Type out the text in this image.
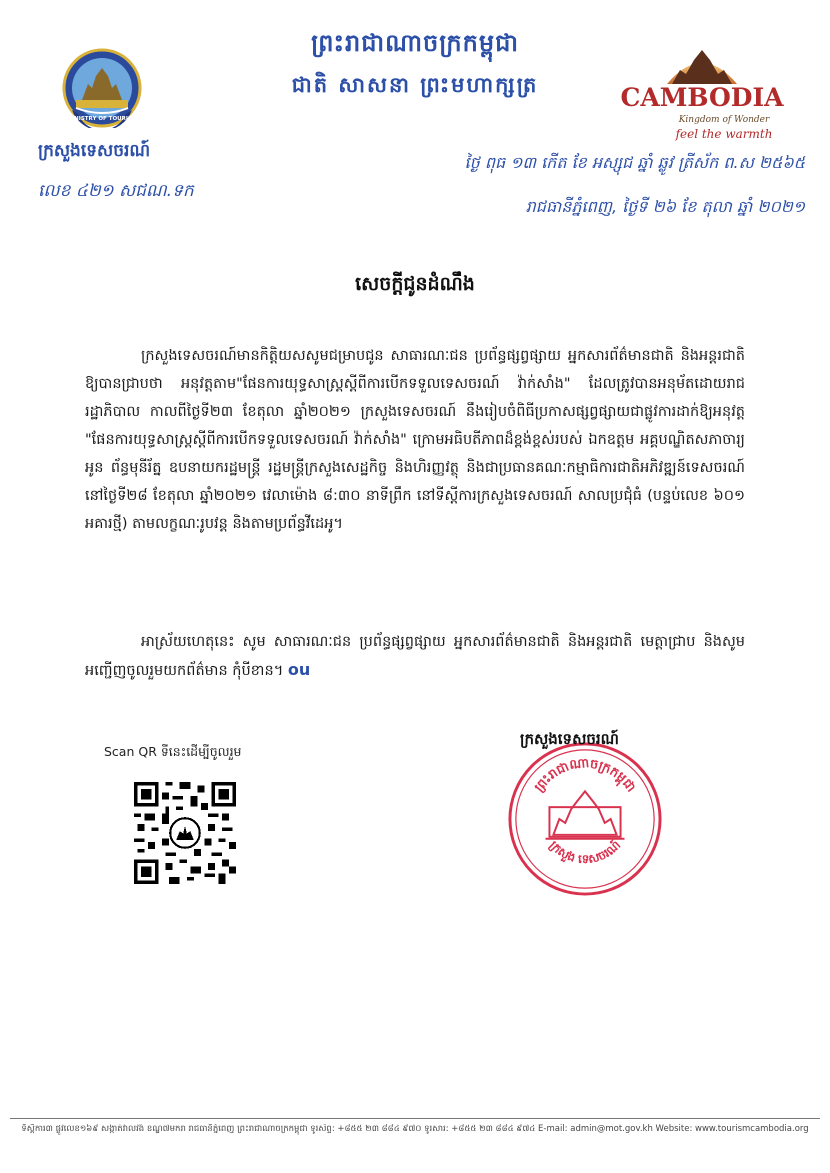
ព្រះរាជាណាចក្រកម្ពុជា
ជាតិ សាសនា ព្រះមហាក្សត្រ
MINISTRY OF TOURISM
ក្រសួងទេសចរណ៍
លេខ ៤២១ សជណ.ទក
CAMBODIA
Kingdom of Wonder
feel the warmth
ថ្ងៃ ពុធ ១៣ កើត ខែ អស្សុជ ឆ្នាំ ឆ្លូវ ត្រីស័ក ព.ស ២៥៦៥
រាជធានីភ្នំពេញ, ថ្ងៃទី ២៦ ខែ តុលា ឆ្នាំ ២០២១
សេចក្តីជូនដំណឹង
ក្រសួងទេសចរណ៍មានកិត្តិយសសូមជម្រាបជូន សាធារណៈជន ប្រព័ន្ធផ្សព្វផ្សាយ អ្នកសារព័ត៌មានជាតិ និងអន្តរជាតិ ឱ្យបានជ្រាបថា អនុវត្តតាម"ផែនការយុទ្ធសាស្ត្រស្តីពីការបើកទទួលទេសចរណ៍ វ៉ាក់សាំង" ដែលត្រូវបានអនុម័តដោយរាជរដ្ឋាភិបាល កាលពីថ្ងៃទី២៣ ខែតុលា ឆ្នាំ២០២១ ក្រសួងទេសចរណ៍ នឹងរៀបចំពិធីប្រកាសផ្សព្វផ្សាយជាផ្លូវការដាក់ឱ្យអនុវត្ត "ផែនការយុទ្ធសាស្ត្រស្តីពីការបើកទទួលទេសចរណ៍ វ៉ាក់សាំង" ក្រោមអធិបតីភាពដ៏ខ្ពង់ខ្ពស់របស់ ឯកឧត្តម អគ្គបណ្ឌិតសភាចារ្យ អូន ព័ន្ធមុនីរ័ត្ន ឧបនាយករដ្ឋមន្ត្រី រដ្ឋមន្ត្រីក្រសួងសេដ្ឋកិច្ច និងហិរញ្ញវត្ថុ និងជាប្រធានគណៈកម្មាធិការជាតិអភិវឌ្ឍន៍ទេសចរណ៍ នៅថ្ងៃទី២៨ ខែតុលា ឆ្នាំ២០២១ វេលាម៉ោង ៨:៣០ នាទីព្រឹក នៅទីស្តីការក្រសួងទេសចរណ៍ សាលប្រជុំធំ (បន្ទប់លេខ ៦០១ អគារថ្មី) តាមលក្ខណៈរូបវន្ត និងតាមប្រព័ន្ធវីដេអូ។
អាស្រ័យហេតុនេះ សូម សាធារណៈជន ប្រព័ន្ធផ្សព្វផ្សាយ អ្នកសារព័ត៌មានជាតិ និងអន្តរជាតិ មេត្តាជ្រាប និងសូមអញ្ជើញចូលរួមយកព័ត៌មាន កុំបីខាន។ ou
Scan QR ទីនេះដើម្បីចូលរួម
ព្រះរាជាណាចក្រកម្ពុជា
ក្រសួង ទេសចរណ៍
ក្រសួងទេសចរណ៍
ទីស្តីការ៣ ផ្លូវលេខ១៦៩ សង្កាត់វាលវង់ ខណ្ឌ៧មករា រាជធានីភ្នំពេញ ព្រះរាជាណាចក្រកម្ពុជា ទូរស័ព្ទ: +៨៥៥ ២៣ ៨៨៤ ៩៧០ ទូរសារ: +៨៥៥ ២៣ ៨៨៤ ៩៧៤ E-mail: admin@mot.gov.kh Website: www.tourismcambodia.org
